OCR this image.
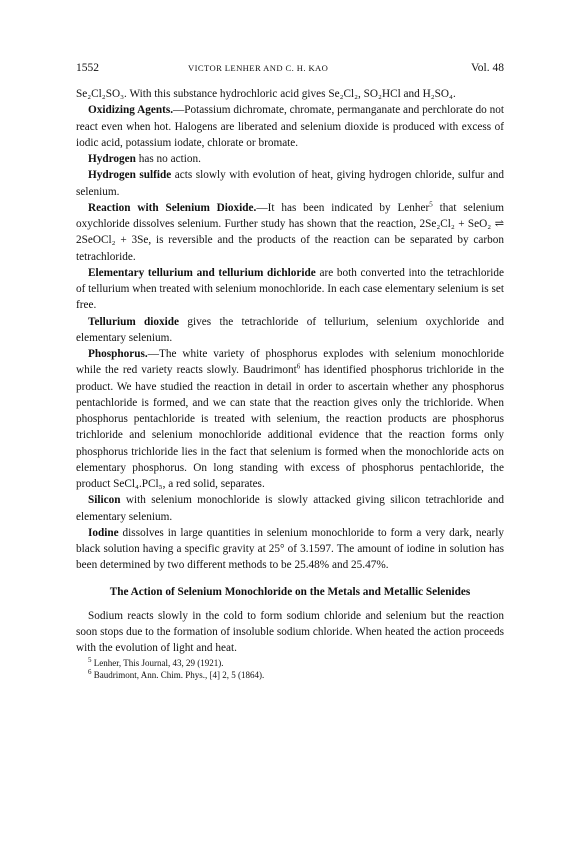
1552	VICTOR LENHER AND C. H. KAO	Vol. 48

Se₂Cl₂SO₃. With this substance hydrochloric acid gives Se₂Cl₂, SO₂HCl and H₂SO₄.

Oxidizing Agents.—Potassium dichromate, chromate, permanganate and perchlorate do not react even when hot. Halogens are liberated and selenium dioxide is produced with excess of iodic acid, potassium iodate, chlorate or bromate.

Hydrogen has no action.

Hydrogen sulfide acts slowly with evolution of heat, giving hydrogen chloride, sulfur and selenium.

Reaction with Selenium Dioxide.—It has been indicated by Lenher$^5$ that selenium oxychloride dissolves selenium. Further study has shown that the reaction, 2Se₂Cl₂ + SeO₂ ⇌ 2SeOCl₂ + 3Se, is reversible and the products of the reaction can be separated by carbon tetrachloride.

Elementary tellurium and tellurium dichloride are both converted into the tetrachloride of tellurium when treated with selenium monochloride. In each case elementary selenium is set free.

Tellurium dioxide gives the tetrachloride of tellurium, selenium oxychloride and elementary selenium.

Phosphorus.—The white variety of phosphorus explodes with selenium monochloride while the red variety reacts slowly. Baudrimont$^6$ has identified phosphorus trichloride in the product. We have studied the reaction in detail in order to ascertain whether any phosphorus pentachloride is formed, and we can state that the reaction gives only the trichloride. When phosphorus pentachloride is treated with selenium, the reaction products are phosphorus trichloride and selenium monochloride additional evidence that the reaction forms only phosphorus trichloride lies in the fact that selenium is formed when the monochloride acts on elementary phosphorus. On long standing with excess of phosphorus pentachloride, the product SeCl₄.PCl₅, a red solid, separates.

Silicon with selenium monochloride is slowly attacked giving silicon tetrachloride and elementary selenium.

Iodine dissolves in large quantities in selenium monochloride to form a very dark, nearly black solution having a specific gravity at 25° of 3.1597. The amount of iodine in solution has been determined by two different methods to be 25.48% and 25.47%.

The Action of Selenium Monochloride on the Metals and Metallic Selenides

Sodium reacts slowly in the cold to form sodium chloride and selenium but the reaction soon stops due to the formation of insoluble sodium chloride. When heated the action proceeds with the evolution of light and heat.

$^5$ Lenher, This Journal, 43, 29 (1921).
$^6$ Baudrimont, Ann. Chim. Phys., [4] 2, 5 (1864).
